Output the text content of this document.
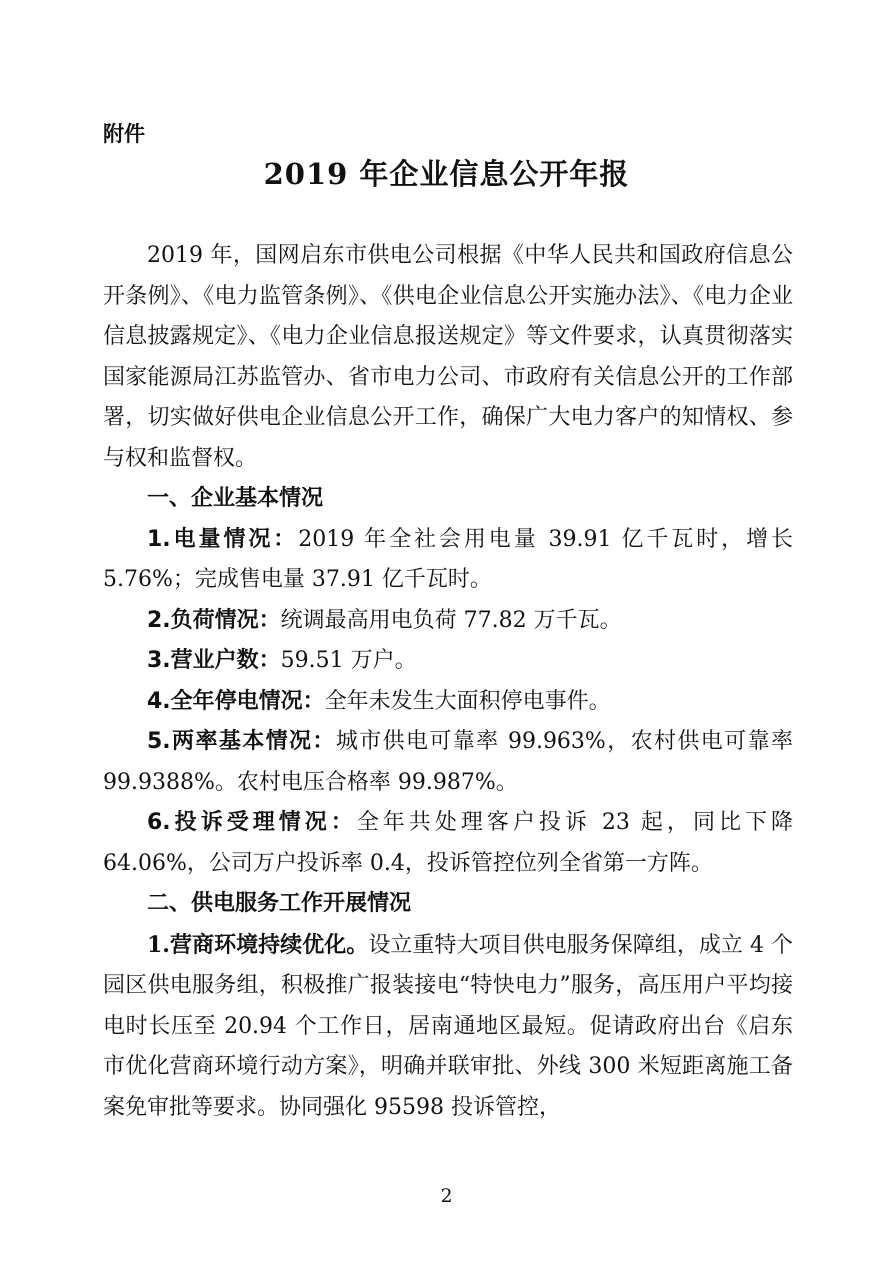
附件
2019 年企业信息公开年报

2019 年，国网启东市供电公司根据《中华人民共和国政府信息公开条例》、《电力监管条例》、《供电企业信息公开实施办法》、《电力企业信息披露规定》、《电力企业信息报送规定》等文件要求，认真贯彻落实国家能源局江苏监管办、省市电力公司、市政府有关信息公开的工作部署，切实做好供电企业信息公开工作，确保广大电力客户的知情权、参与权和监督权。

一、企业基本情况

1.电量情况：2019 年全社会用电量 39.91 亿千瓦时，增长 5.76%；完成售电量 37.91 亿千瓦时。

2.负荷情况：统调最高用电负荷 77.82 万千瓦。

3.营业户数：59.51 万户。

4.全年停电情况：全年未发生大面积停电事件。

5.两率基本情况：城市供电可靠率 99.963%，农村供电可靠率 99.9388%。农村电压合格率 99.987%。

6.投诉受理情况：全年共处理客户投诉 23 起，同比下降 64.06%，公司万户投诉率 0.4，投诉管控位列全省第一方阵。

二、供电服务工作开展情况

1.营商环境持续优化。设立重特大项目供电服务保障组，成立 4 个园区供电服务组，积极推广报装接电“特快电力”服务，高压用户平均接电时长压至 20.94 个工作日，居南通地区最短。促请政府出台《启东市优化营商环境行动方案》，明确并联审批、外线 300 米短距离施工备案免审批等要求。协同强化 95598 投诉管控，

2
